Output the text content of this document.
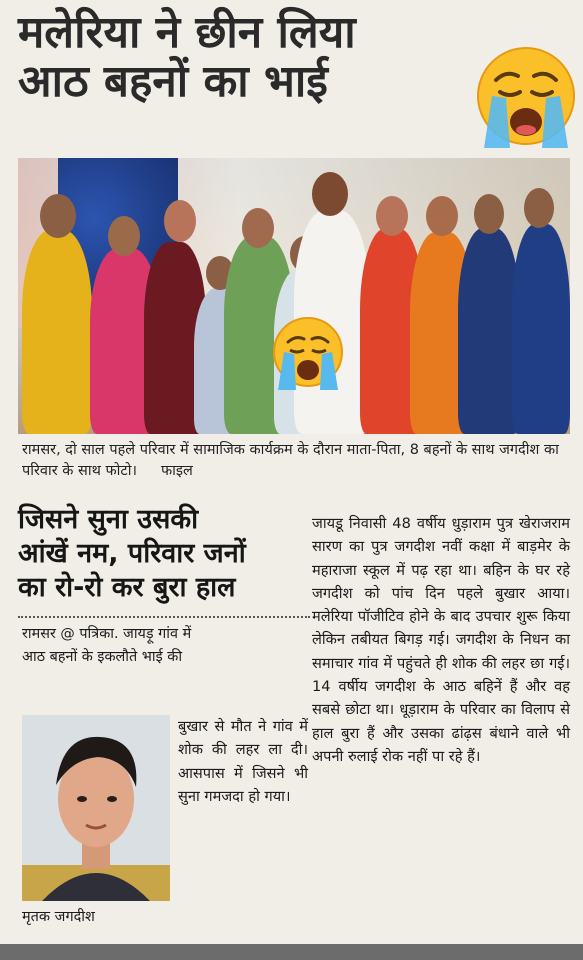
मलेरिया ने छीन लिया
आठ बहनों का भाई
रामसर, दो साल पहले परिवार में सामाजिक कार्यक्रम के दौरान माता-पिता, 8 बहनों के साथ जगदीश का परिवार के साथ फोटो। फाइल
जिसने सुना उसकी
आंखें नम, परिवार जनों
का रो-रो कर बुरा हाल
रामसर @ पत्रिका. जायड़ू गांव में
आठ बहनों के इकलौते भाई की
मृतक जगदीश
बुखार से मौत ने गांव में शोक की लहर ला दी। आसपास में जिसने भी सुना गमजदा हो गया।
जायडू निवासी 48 वर्षीय धुड़ाराम पुत्र खेराजराम सारण का पुत्र जगदीश नवीं कक्षा में बाड़मेर के महाराजा स्कूल में पढ़ रहा था। बहिन के घर रहे जगदीश को पांच दिन पहले बुखार आया। मलेरिया पॉजीटिव होने के बाद उपचार शुरू किया लेकिन तबीयत बिगड़ गई। जगदीश के निधन का समाचार गांव में पहुंचते ही शोक की लहर छा गई। 14 वर्षीय जगदीश के आठ बहिनें हैं और वह सबसे छोटा था। धूड़ाराम के परिवार का विलाप से हाल बुरा हैं और उसका ढांढ़स बंधाने वाले भी अपनी रुलाई रोक नहीं पा रहे हैं।
